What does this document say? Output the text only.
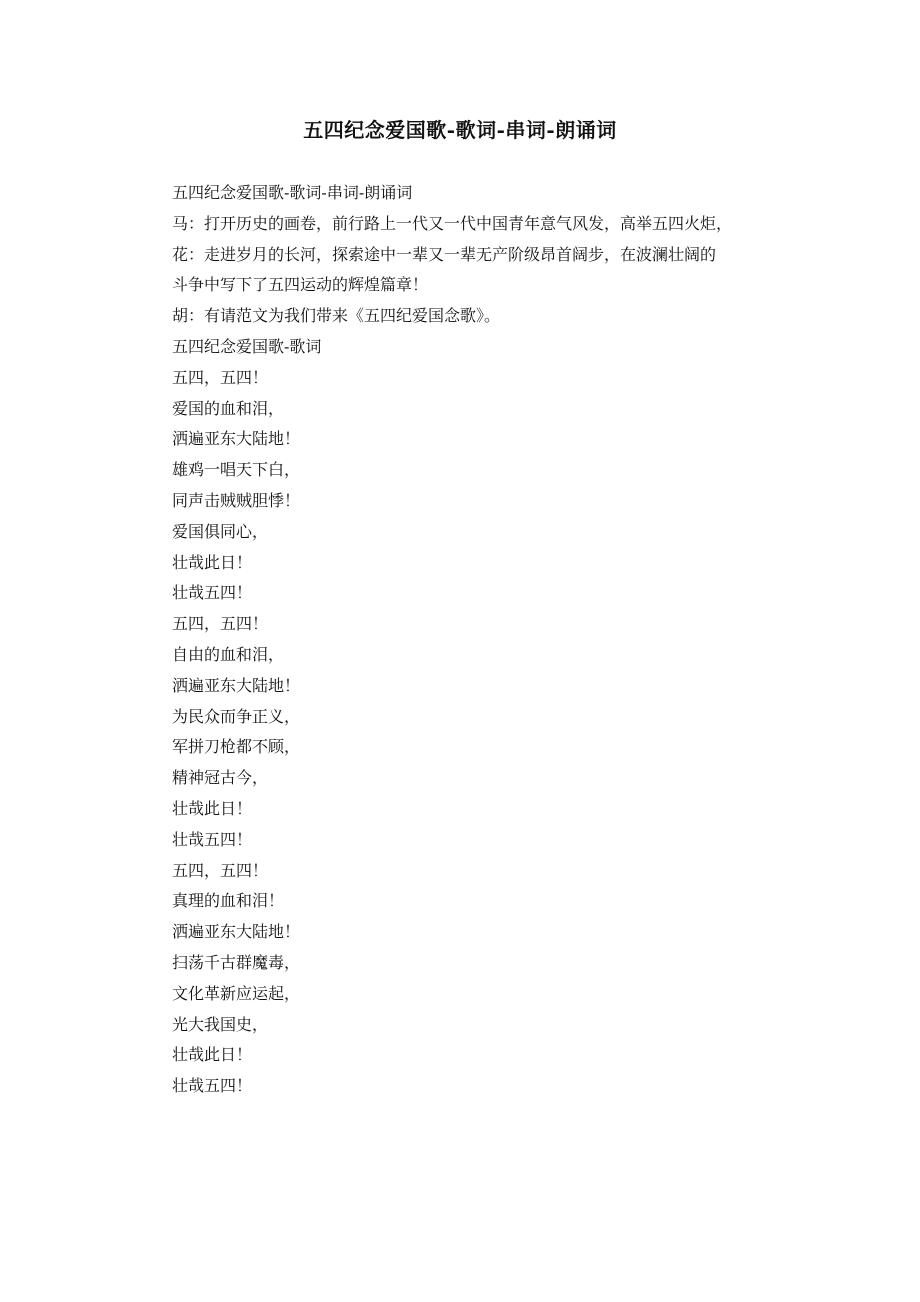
五四纪念爱国歌-歌词-串词-朗诵词

五四纪念爱国歌-歌词-串词-朗诵词

马：打开历史的画卷，前行路上一代又一代中国青年意气风发，高举五四火炬，

花：走进岁月的长河，探索途中一辈又一辈无产阶级昂首阔步，在波澜壮阔的

斗争中写下了五四运动的辉煌篇章！

胡：有请范文为我们带来《五四纪爱国念歌》。

五四纪念爱国歌-歌词

五四，五四！

爱国的血和泪，

洒遍亚东大陆地！

雄鸡一唱天下白，

同声击贼贼胆悸！

爱国俱同心，

壮哉此日！

壮哉五四！

五四，五四！

自由的血和泪，

洒遍亚东大陆地！

为民众而争正义，

军拼刀枪都不顾，

精神冠古今，

壮哉此日！

壮哉五四！

五四，五四！

真理的血和泪！

洒遍亚东大陆地！

扫荡千古群魔毒，

文化革新应运起，

光大我国史，

壮哉此日！

壮哉五四！
